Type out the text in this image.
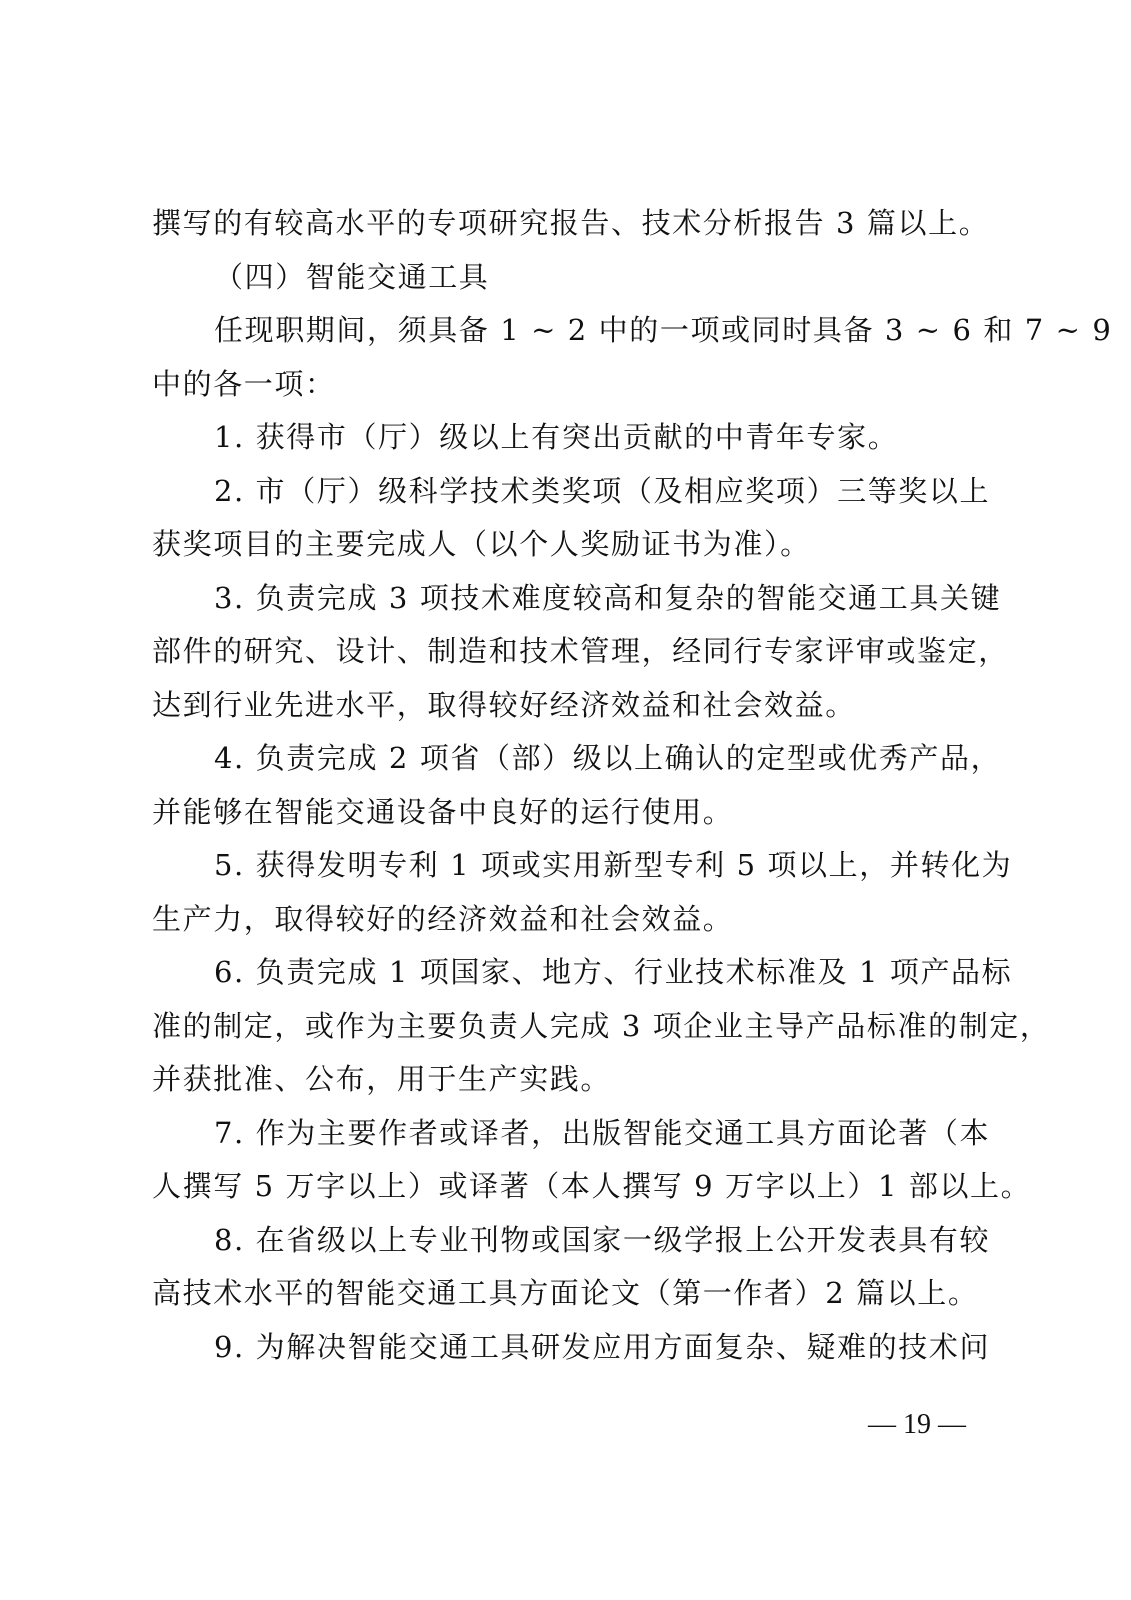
撰写的有较高水平的专项研究报告、技术分析报告 3 篇以上。
（四）智能交通工具
任现职期间，须具备 1 ~ 2 中的一项或同时具备 3 ~ 6 和 7 ~ 9
中的各一项：
1. 获得市（厅）级以上有突出贡献的中青年专家。
2. 市（厅）级科学技术类奖项（及相应奖项）三等奖以上
获奖项目的主要完成人（以个人奖励证书为准）。
3. 负责完成 3 项技术难度较高和复杂的智能交通工具关键
部件的研究、设计、制造和技术管理，经同行专家评审或鉴定，
达到行业先进水平，取得较好经济效益和社会效益。
4. 负责完成 2 项省（部）级以上确认的定型或优秀产品，
并能够在智能交通设备中良好的运行使用。
5. 获得发明专利 1 项或实用新型专利 5 项以上，并转化为
生产力，取得较好的经济效益和社会效益。
6. 负责完成 1 项国家、地方、行业技术标准及 1 项产品标
准的制定，或作为主要负责人完成 3 项企业主导产品标准的制定，
并获批准、公布，用于生产实践。
7. 作为主要作者或译者，出版智能交通工具方面论著（本
人撰写 5 万字以上）或译著（本人撰写 9 万字以上）1 部以上。
8. 在省级以上专业刊物或国家一级学报上公开发表具有较
高技术水平的智能交通工具方面论文（第一作者）2 篇以上。
9. 为解决智能交通工具研发应用方面复杂、疑难的技术问
— 19 —
